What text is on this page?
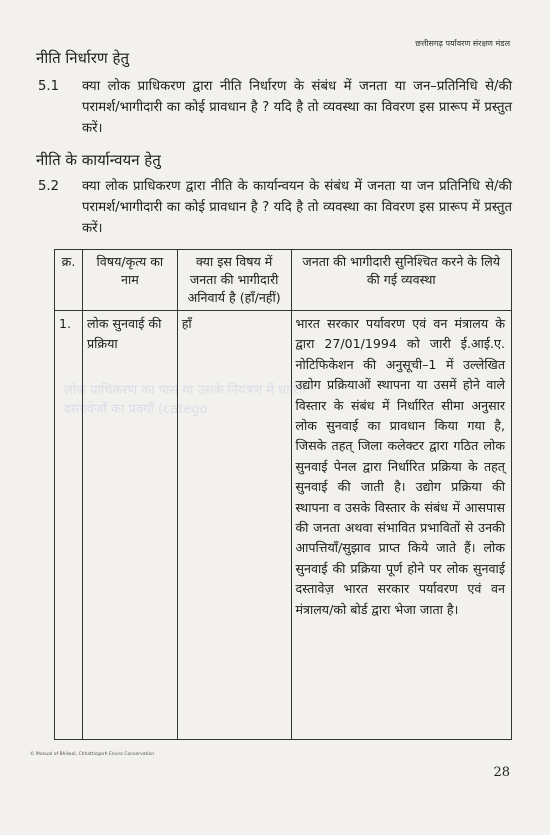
लोक प्राधिकरण का पास या उसके नियंत्रण में धारित
दस्तावेजों का प्रवर्गों (catego
छत्तीसगढ़ पर्यावरण संरक्षण मंडल
नीति निर्धारण हेतु
5.1 क्या लोक प्राधिकरण द्वारा नीति निर्धारण के संबंध में जनता या जन–प्रतिनिधि से/की परामर्श/भागीदारी का कोई प्रावधान है ? यदि है तो व्यवस्था का विवरण इस प्रारूप में प्रस्तुत करें।
नीति के कार्यान्वयन हेतु
5.2 क्या लोक प्राधिकरण द्वारा नीति के कार्यान्वयन के संबंध में जनता या जन प्रतिनिधि से/की परामर्श/भागीदारी का कोई प्रावधान है ? यदि है तो व्यवस्था का विवरण इस प्रारूप में प्रस्तुत करें।
क्र.	विषय/कृत्य का नाम	क्या इस विषय में जनता की भागीदारी अनिवार्य है (हाँ/नहीं)	जनता की भागीदारी सुनिश्चित करने के लिये की गई व्यवस्था
1.	लोक सुनवाई की प्रक्रिया	हाँ	भारत सरकार पर्यावरण एवं वन मंत्रालय के द्वारा 27/01/1994 को जारी ई.आई.ए. नोटिफिकेशन की अनुसूची–1 में उल्लेखित उद्योग प्रक्रियाओं स्थापना या उसमें होने वाले विस्तार के संबंध में निर्धारित सीमा अनुसार लोक सुनवाई का प्रावधान किया गया है, जिसके तहत् जिला कलेक्टर द्वारा गठित लोक सुनवाई पेनल द्वारा निर्धारित प्रक्रिया के तहत् सुनवाई की जाती है। उद्योग प्रक्रिया की स्थापना व उसके विस्तार के संबंध में आसपास की जनता अथवा संभावित प्रभावितों से उनकी आपत्तियाँ/सुझाव प्राप्त किये जाते हैं। लोक सुनवाई की प्रक्रिया पूर्ण होने पर लोक सुनवाई दस्तावेज़ भारत सरकार पर्यावरण एवं वन मंत्रालय/को बोर्ड द्वारा भेजा जाता है।
© Manual of Bhilwal, Chhattisgarh Enviro Conservation
28
